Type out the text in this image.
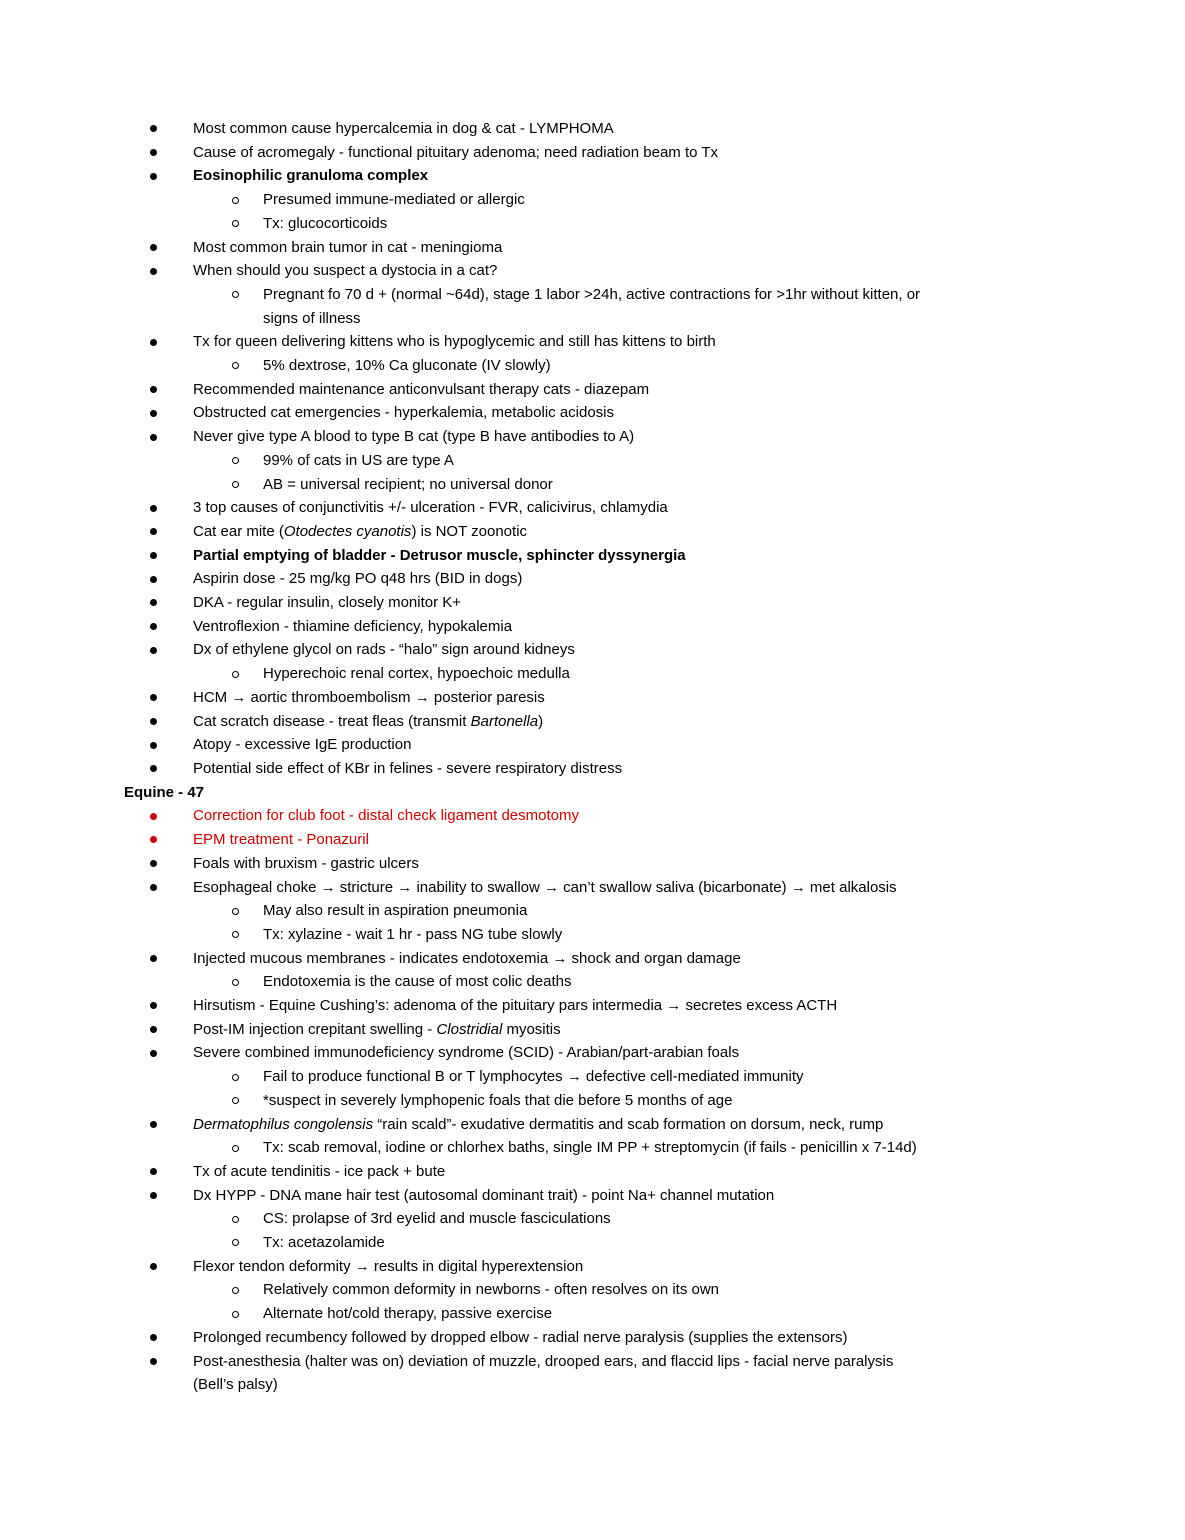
Most common cause hypercalcemia in dog & cat - LYMPHOMA
Cause of acromegaly - functional pituitary adenoma; need radiation beam to Tx
Eosinophilic granuloma complex
Presumed immune-mediated or allergic
Tx: glucocorticoids
Most common brain tumor in cat - meningioma
When should you suspect a dystocia in a cat?
Pregnant fo 70 d + (normal ~64d), stage 1 labor >24h, active contractions for >1hr without kitten, or
signs of illness
Tx for queen delivering kittens who is hypoglycemic and still has kittens to birth
5% dextrose, 10% Ca gluconate (IV slowly)
Recommended maintenance anticonvulsant therapy cats - diazepam
Obstructed cat emergencies - hyperkalemia, metabolic acidosis
Never give type A blood to type B cat (type B have antibodies to A)
99% of cats in US are type A
AB = universal recipient; no universal donor
3 top causes of conjunctivitis +/- ulceration - FVR, calicivirus, chlamydia
Cat ear mite (Otodectes cyanotis) is NOT zoonotic
Partial emptying of bladder - Detrusor muscle, sphincter dyssynergia
Aspirin dose - 25 mg/kg PO q48 hrs (BID in dogs)
DKA - regular insulin, closely monitor K+
Ventroflexion - thiamine deficiency, hypokalemia
Dx of ethylene glycol on rads - “halo” sign around kidneys
Hyperechoic renal cortex, hypoechoic medulla
HCM → aortic thromboembolism → posterior paresis
Cat scratch disease - treat fleas (transmit Bartonella)
Atopy - excessive IgE production
Potential side effect of KBr in felines - severe respiratory distress
Equine - 47
Correction for club foot - distal check ligament desmotomy
EPM treatment - Ponazuril
Foals with bruxism - gastric ulcers
Esophageal choke → stricture → inability to swallow → can’t swallow saliva (bicarbonate) → met alkalosis
May also result in aspiration pneumonia
Tx: xylazine - wait 1 hr - pass NG tube slowly
Injected mucous membranes - indicates endotoxemia → shock and organ damage
Endotoxemia is the cause of most colic deaths
Hirsutism - Equine Cushing’s: adenoma of the pituitary pars intermedia → secretes excess ACTH
Post-IM injection crepitant swelling - Clostridial myositis
Severe combined immunodeficiency syndrome (SCID) - Arabian/part-arabian foals
Fail to produce functional B or T lymphocytes → defective cell-mediated immunity
*suspect in severely lymphopenic foals that die before 5 months of age
Dermatophilus congolensis “rain scald”- exudative dermatitis and scab formation on dorsum, neck, rump
Tx: scab removal, iodine or chlorhex baths, single IM PP + streptomycin (if fails - penicillin x 7-14d)
Tx of acute tendinitis - ice pack + bute
Dx HYPP - DNA mane hair test (autosomal dominant trait) - point Na+ channel mutation
CS: prolapse of 3rd eyelid and muscle fasciculations
Tx: acetazolamide
Flexor tendon deformity → results in digital hyperextension
Relatively common deformity in newborns - often resolves on its own
Alternate hot/cold therapy, passive exercise
Prolonged recumbency followed by dropped elbow - radial nerve paralysis (supplies the extensors)
Post-anesthesia (halter was on) deviation of muzzle, drooped ears, and flaccid lips - facial nerve paralysis
(Bell’s palsy)
